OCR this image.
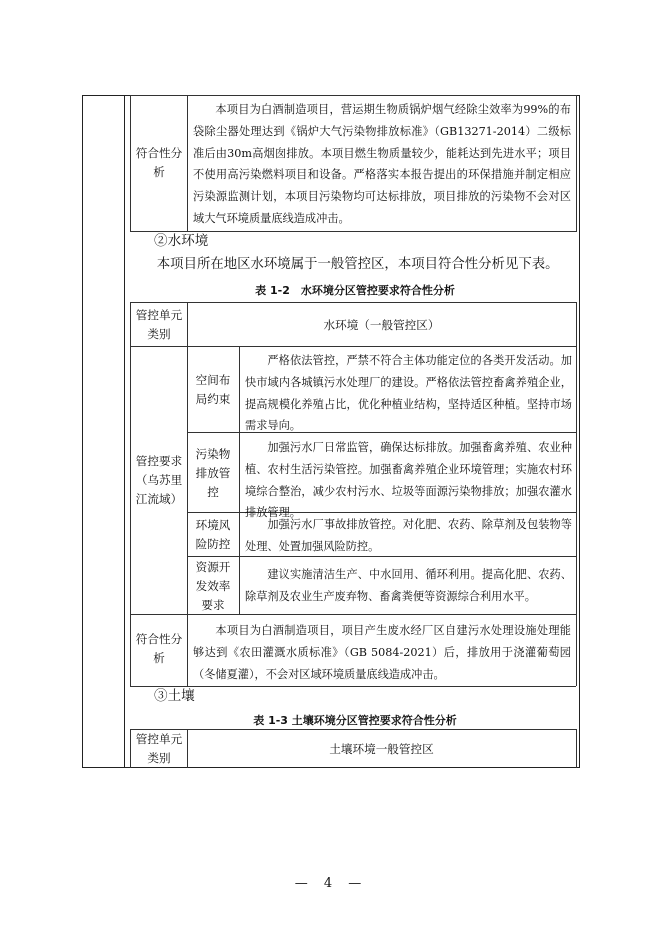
符合性分析
本项目为白酒制造项目，营运期生物质锅炉烟气经除尘效率为99%的布袋除尘器处理达到《锅炉大气污染物排放标准》（GB13271-2014）二级标准后由30m高烟囱排放。本项目燃生物质量较少，能耗达到先进水平；项目不使用高污染燃料项目和设备。严格落实本报告提出的环保措施并制定相应污染源监测计划，本项目污染物均可达标排放，项目排放的污染物不会对区域大气环境质量底线造成冲击。
②水环境
本项目所在地区水环境属于一般管控区，本项目符合性分析见下表。
表 1-2　水环境分区管控要求符合性分析
管控单元类别
水环境（一般管控区）
管控要求（乌苏里江流域）
空间布局约束
严格依法管控，严禁不符合主体功能定位的各类开发活动。加快市域内各城镇污水处理厂的建设。严格依法管控畜禽养殖企业，提高规模化养殖占比，优化种植业结构，坚持适区种植。坚持市场需求导向。
污染物排放管控
加强污水厂日常监管，确保达标排放。加强畜禽养殖、农业种植、农村生活污染管控。加强畜禽养殖企业环境管理；实施农村环境综合整治，减少农村污水、垃圾等面源污染物排放；加强农灌水排放管理。
环境风险防控
加强污水厂事故排放管控。对化肥、农药、除草剂及包装物等处理、处置加强风险防控。
资源开发效率要求
建议实施清洁生产、中水回用、循环利用。提高化肥、农药、除草剂及农业生产废弃物、畜禽粪便等资源综合利用水平。
符合性分析
本项目为白酒制造项目，项目产生废水经厂区自建污水处理设施处理能够达到《农田灌溉水质标准》（GB 5084-2021）后，排放用于浇灌葡萄园（冬储夏灌），不会对区域环境质量底线造成冲击。
③土壤
表 1-3 土壤环境分区管控要求符合性分析
管控单元类别
土壤环境一般管控区
— 4 —
